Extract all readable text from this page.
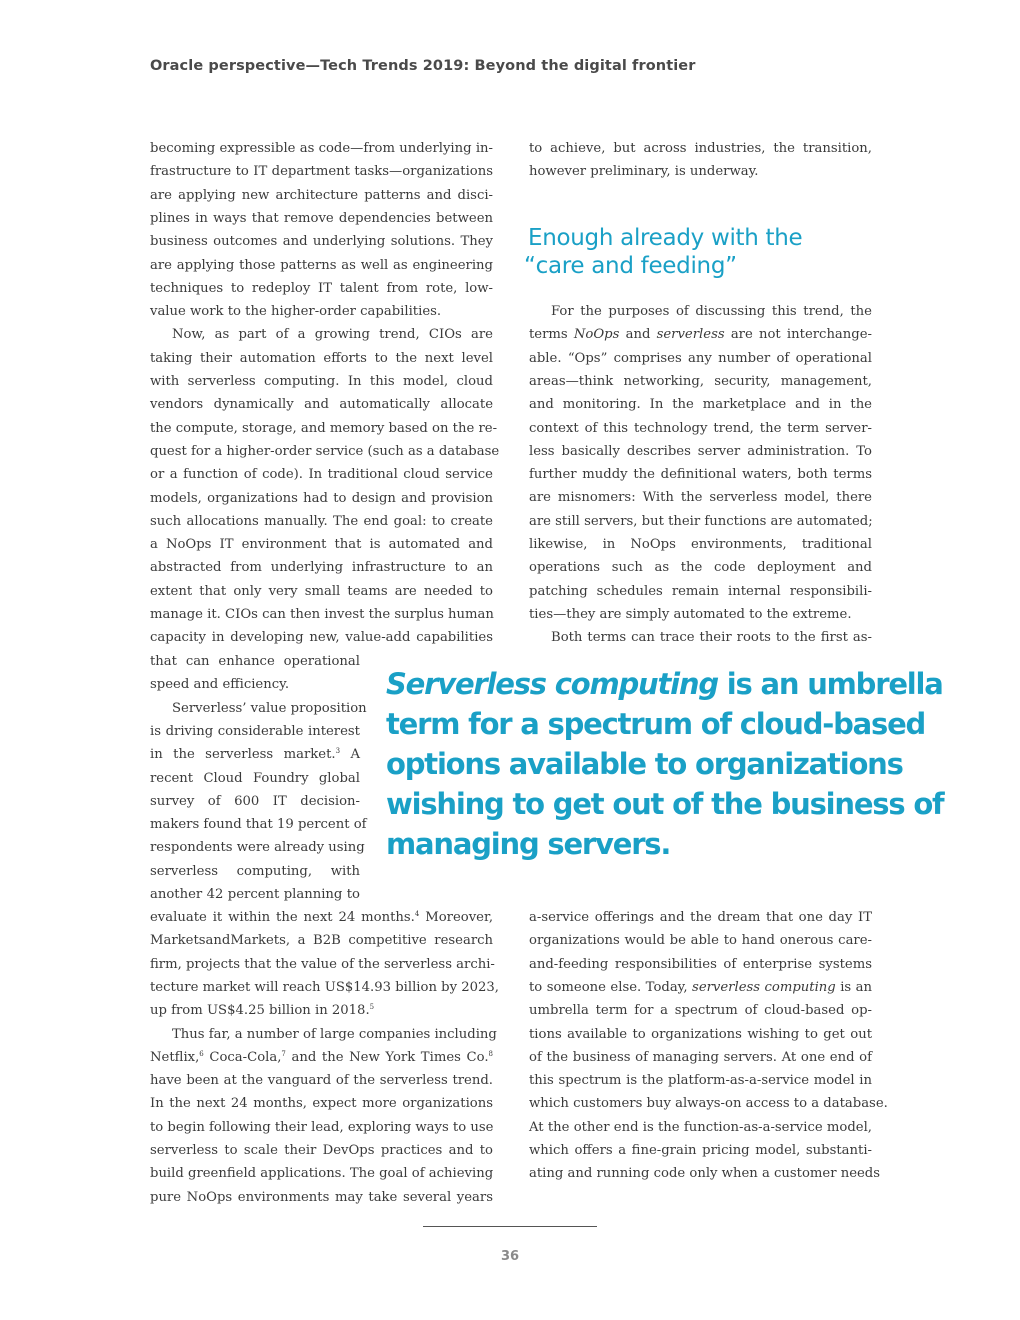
Oracle perspective—Tech Trends 2019: Beyond the digital frontier
Enough already with the
“care and feeding”
Serverless computing is an umbrella
term for a spectrum of cloud-based
options available to organizations
wishing to get out of the business of
managing servers.
36
becoming expressible as code—from underlying in-
frastructure to IT department tasks—organizations
are applying new architecture patterns and disci-
plines in ways that remove dependencies between
business outcomes and underlying solutions. They
are applying those patterns as well as engineering
techniques to redeploy IT talent from rote, low-
value work to the higher-order capabilities.
Now, as part of a growing trend, CIOs are
taking their automation efforts to the next level
with serverless computing. In this model, cloud
vendors dynamically and automatically allocate
the compute, storage, and memory based on the re-
quest for a higher-order service (such as a database
or a function of code). In traditional cloud service
models, organizations had to design and provision
such allocations manually. The end goal: to create
a NoOps IT environment that is automated and
abstracted from underlying infrastructure to an
extent that only very small teams are needed to
manage it. CIOs can then invest the surplus human
capacity in developing new, value-add capabilities
that can enhance operational
speed and efficiency.
Serverless’ value proposition
is driving considerable interest
in the serverless market.$^3$ A
recent Cloud Foundry global
survey of 600 IT decision-
makers found that 19 percent of
respondents were already using
serverless computing, with
another 42 percent planning to
evaluate it within the next 24 months.$^4$ Moreover,
MarketsandMarkets, a B2B competitive research
firm, projects that the value of the serverless archi-
tecture market will reach US$14.93 billion by 2023,
up from US$4.25 billion in 2018.$^5$
Thus far, a number of large companies including
Netflix,$^6$ Coca-Cola,$^7$ and the New York Times Co.$^8$
have been at the vanguard of the serverless trend.
In the next 24 months, expect more organizations
to begin following their lead, exploring ways to use
serverless to scale their DevOps practices and to
build greenfield applications. The goal of achieving
pure NoOps environments may take several years
to achieve, but across industries, the transition,
however preliminary, is underway.
For the purposes of discussing this trend, the
terms NoOps and serverless are not interchange-
able. “Ops” comprises any number of operational
areas—think networking, security, management,
and monitoring. In the marketplace and in the
context of this technology trend, the term server-
less basically describes server administration. To
further muddy the definitional waters, both terms
are misnomers: With the serverless model, there
are still servers, but their functions are automated;
likewise, in NoOps environments, traditional
operations such as the code deployment and
patching schedules remain internal responsibili-
ties—they are simply automated to the extreme.
Both terms can trace their roots to the first as-
a-service offerings and the dream that one day IT
organizations would be able to hand onerous care-
and-feeding responsibilities of enterprise systems
to someone else. Today, serverless computing is an
umbrella term for a spectrum of cloud-based op-
tions available to organizations wishing to get out
of the business of managing servers. At one end of
this spectrum is the platform-as-a-service model in
which customers buy always-on access to a database.
At the other end is the function-as-a-service model,
which offers a fine-grain pricing model, substanti-
ating and running code only when a customer needs
